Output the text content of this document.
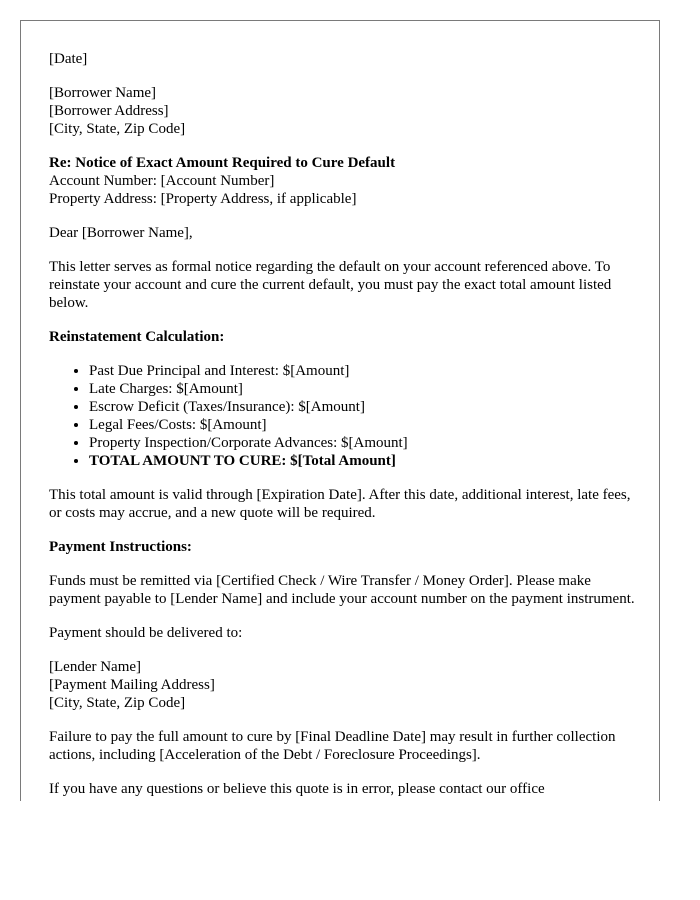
[Date]

[Borrower Name]
[Borrower Address]
[City, State, Zip Code]

Re: Notice of Exact Amount Required to Cure Default
Account Number: [Account Number]
Property Address: [Property Address, if applicable]

Dear [Borrower Name],

This letter serves as formal notice regarding the default on your account referenced above. To reinstate your account and cure the current default, you must pay the exact total amount listed below.

Reinstatement Calculation:

• Past Due Principal and Interest: $[Amount]
• Late Charges: $[Amount]
• Escrow Deficit (Taxes/Insurance): $[Amount]
• Legal Fees/Costs: $[Amount]
• Property Inspection/Corporate Advances: $[Amount]
• TOTAL AMOUNT TO CURE: $[Total Amount]

This total amount is valid through [Expiration Date]. After this date, additional interest, late fees, or costs may accrue, and a new quote will be required.

Payment Instructions:

Funds must be remitted via [Certified Check / Wire Transfer / Money Order]. Please make payment payable to [Lender Name] and include your account number on the payment instrument.

Payment should be delivered to:

[Lender Name]
[Payment Mailing Address]
[City, State, Zip Code]

Failure to pay the full amount to cure by [Final Deadline Date] may result in further collection actions, including [Acceleration of the Debt / Foreclosure Proceedings].

If you have any questions or believe this quote is in error, please contact our office
